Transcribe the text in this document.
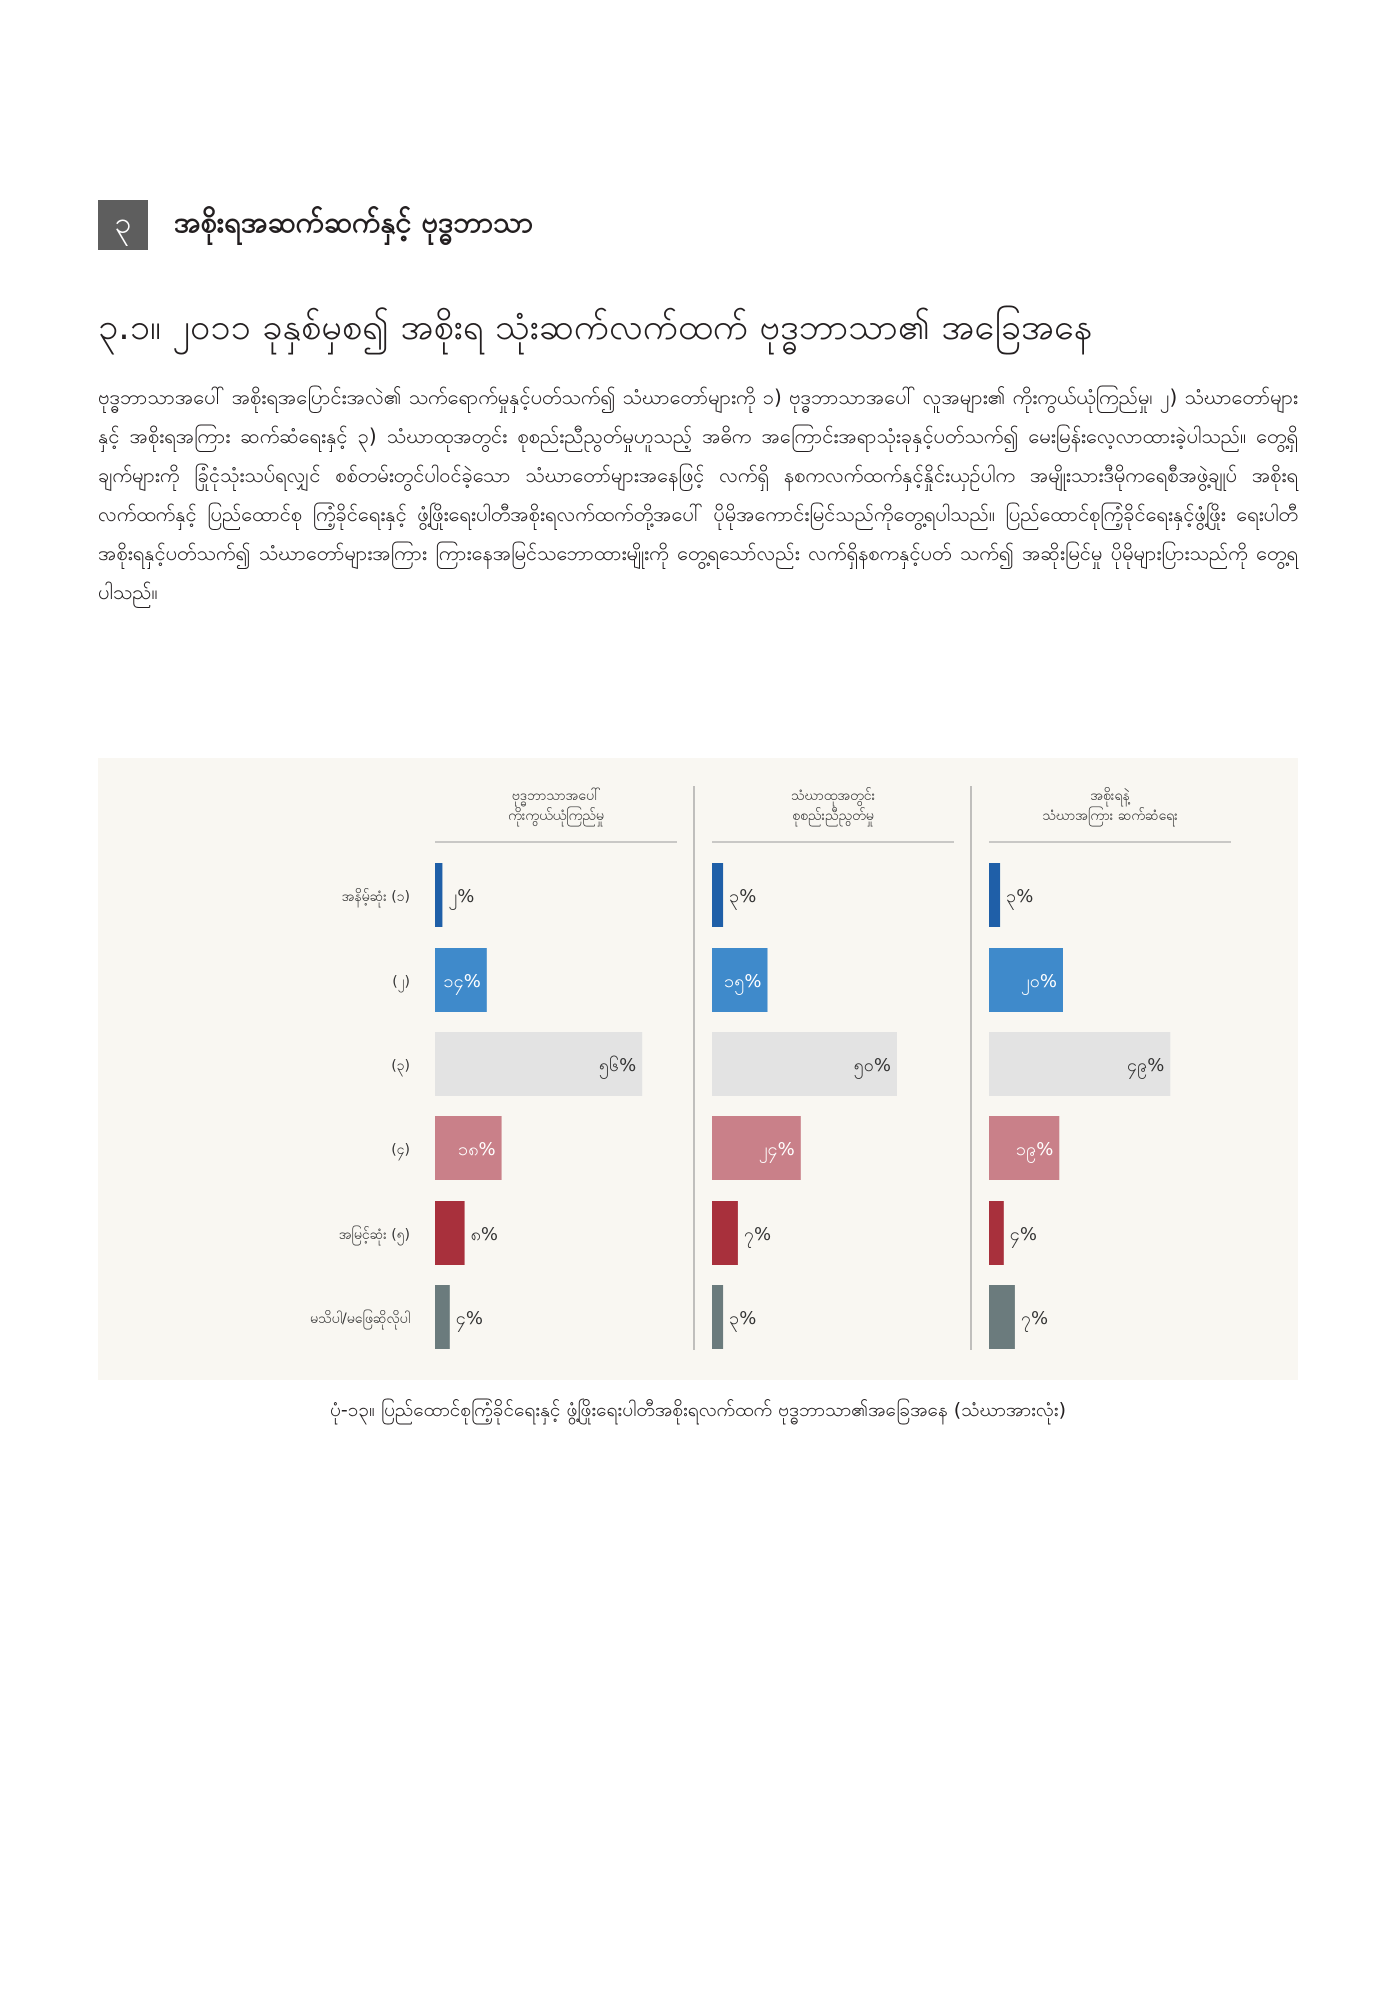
၃	အစိုးရအဆက်ဆက်နှင့် ဗုဒ္ဓဘာသာ
၃.၁။ ၂၀၁၁ ခုနှစ်မှစ၍ အစိုးရ သုံးဆက်လက်ထက် ဗုဒ္ဓဘာသာ၏ အခြေအနေ
ဗုဒ္ဓဘာသာအပေါ် အစိုးရအပြောင်းအလဲ၏ သက်ရောက်မှုနှင့်ပတ်သက်၍ သံဃာတော်များကို ၁) ဗုဒ္ဓဘာသာအပေါ် လူအများ၏ ကိုးကွယ်ယုံကြည်မှု၊ ၂) သံဃာတော်များနှင့် အစိုးရအကြား ဆက်ဆံရေးနှင့် ၃) သံဃာထုအတွင်း စုစည်းညီညွတ်မှုဟူသည့် အဓိက အကြောင်းအရာသုံးခုနှင့်ပတ်သက်၍ မေးမြန်းလေ့လာထားခဲ့ပါသည်။ တွေ့ရှိချက်များကို ခြုံငုံသုံးသပ်ရလျှင် စစ်တမ်းတွင်ပါဝင်ခဲ့သော သံဃာတော်များအနေဖြင့် လက်ရှိ နစကလက်ထက်နှင့်နှိုင်းယှဉ်ပါက အမျိုးသားဒီမိုကရေစီအဖွဲ့ချုပ် အစိုးရလက်ထက်နှင့် ပြည်ထောင်စု ကြံ့ခိုင်ရေးနှင့် ဖွံ့ဖြိုးရေးပါတီအစိုးရလက်ထက်တို့အပေါ် ပိုမိုအကောင်းမြင်သည်ကိုတွေ့ရပါသည်။ ပြည်ထောင်စုကြံ့ခိုင်ရေးနှင့်ဖွံ့ဖြိုး ရေးပါတီအစိုးရနှင့်ပတ်သက်၍ သံဃာတော်များအကြား ကြားနေအမြင်သဘောထားမျိုးကို တွေ့ရသော်လည်း လက်ရှိနစကနှင့်ပတ် သက်၍ အဆိုးမြင်မှု ပိုမိုများပြားသည်ကို တွေ့ရပါသည်။
အနိမ့်ဆုံး (၁)
(၂)
(၃)
(၄)
အမြင့်ဆုံး (၅)
မသိပါ/မဖြေဆိုလိုပါ
ဗုဒ္ဓဘာသာအပေါ်
ကိုးကွယ်ယုံကြည်မှု
၂%
၁၄%
၅၆%
၁၈%
၈%
၄%
သံဃာထုအတွင်း
စုစည်းညီညွတ်မှု
၃%
၁၅%
၅၀%
၂၄%
၇%
၃%
အစိုးရနဲ့
သံဃာအကြား ဆက်ဆံရေး
၃%
၂၀%
၄၉%
၁၉%
၄%
၇%
ပုံ-၁၃။ ပြည်ထောင်စုကြံ့ခိုင်ရေးနှင့် ဖွံ့ဖြိုးရေးပါတီအစိုးရလက်ထက် ဗုဒ္ဓဘာသာ၏အခြေအနေ (သံဃာအားလုံး)
